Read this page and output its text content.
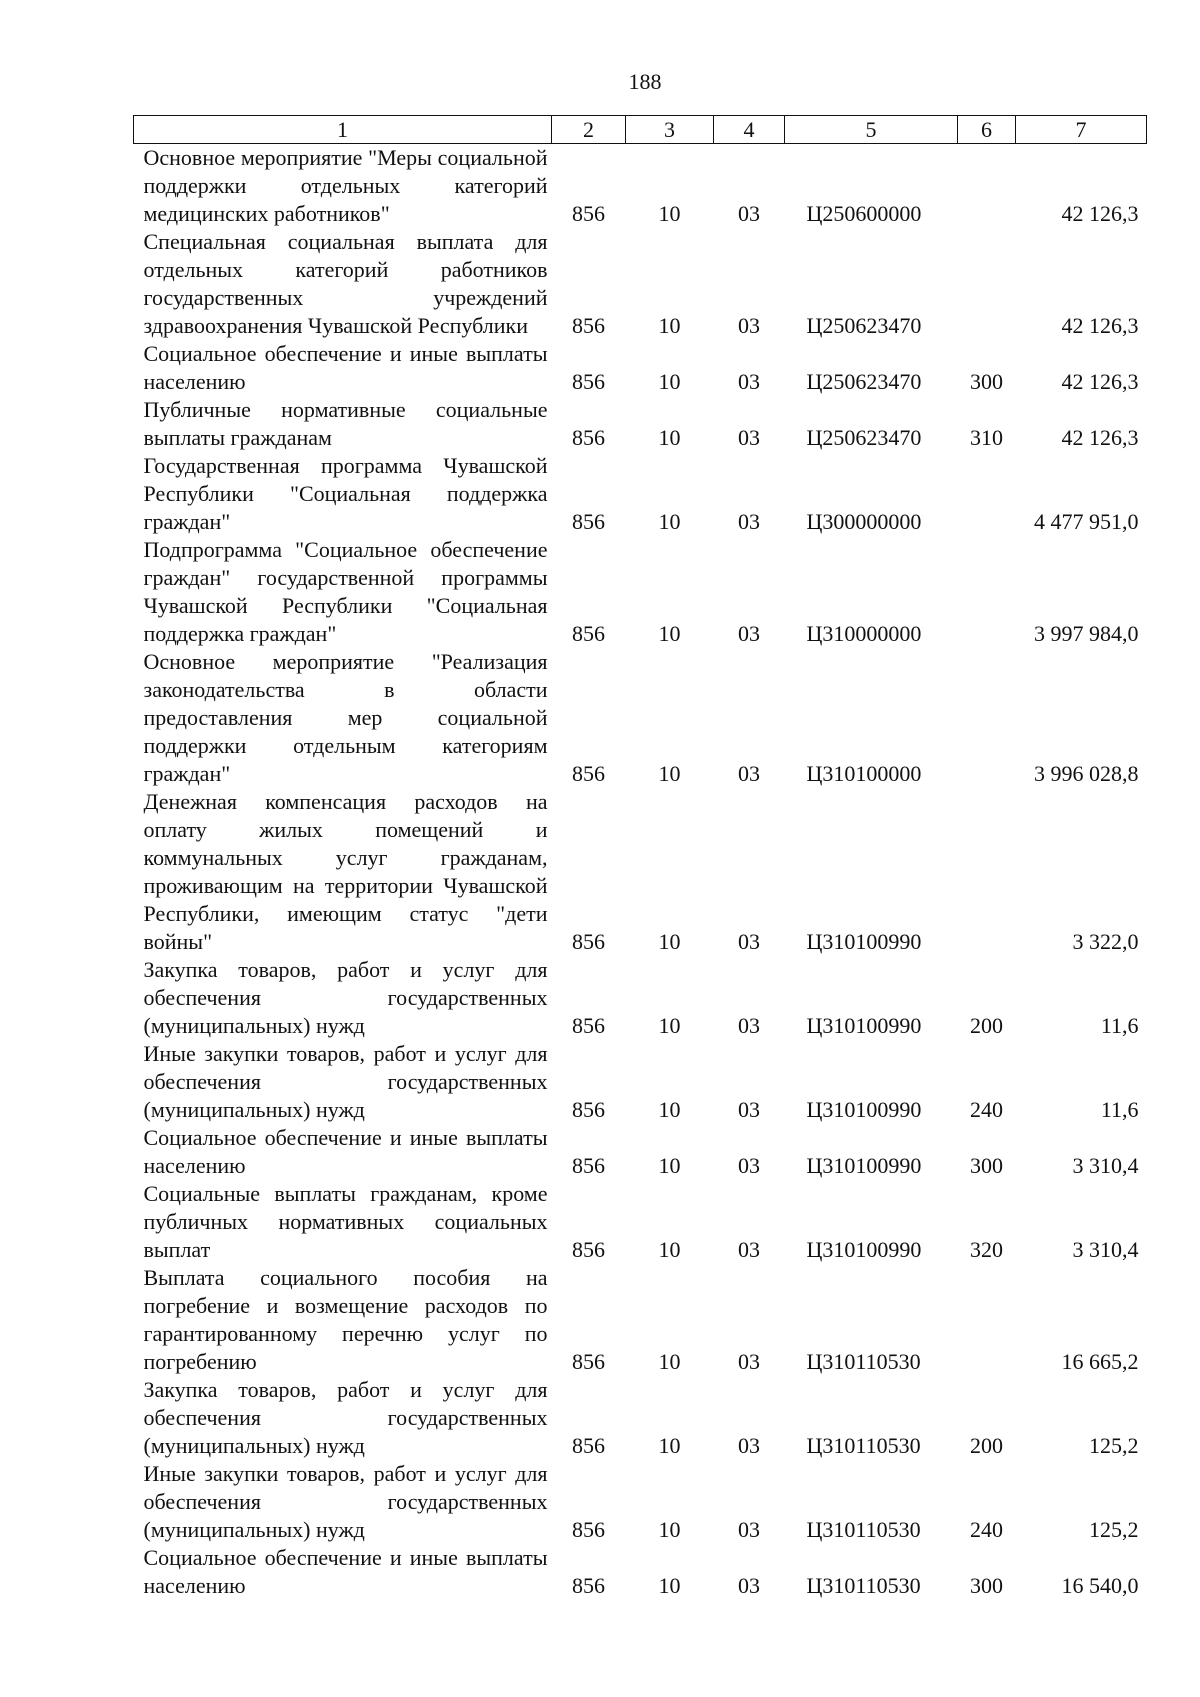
188
1	2	3	4	5	6	7
Основное мероприятие "Меры социальной поддержки отдельных категорий медицинских работников"	856	10	03	Ц250600000		42 126,3
Специальная социальная выплата для отдельных категорий работников государственных учреждений здравоохранения Чувашской Республики	856	10	03	Ц250623470		42 126,3
Социальное обеспечение и иные выплаты населению	856	10	03	Ц250623470	300	42 126,3
Публичные нормативные социальные выплаты гражданам	856	10	03	Ц250623470	310	42 126,3
Государственная программа Чувашской Республики "Социальная поддержка граждан"	856	10	03	Ц300000000		4 477 951,0
Подпрограмма "Социальное обеспечение граждан" государственной программы Чувашской Республики "Социальная поддержка граждан"	856	10	03	Ц310000000		3 997 984,0
Основное мероприятие "Реализация законодательства в области предоставления мер социальной поддержки отдельным категориям граждан"	856	10	03	Ц310100000		3 996 028,8
Денежная компенсация расходов на оплату жилых помещений и коммунальных услуг гражданам, проживающим на территории Чувашской Республики, имеющим статус "дети войны"	856	10	03	Ц310100990		3 322,0
Закупка товаров, работ и услуг для обеспечения государственных (муниципальных) нужд	856	10	03	Ц310100990	200	11,6
Иные закупки товаров, работ и услуг для обеспечения государственных (муниципальных) нужд	856	10	03	Ц310100990	240	11,6
Социальное обеспечение и иные выплаты населению	856	10	03	Ц310100990	300	3 310,4
Социальные выплаты гражданам, кроме публичных нормативных социальных выплат	856	10	03	Ц310100990	320	3 310,4
Выплата социального пособия на погребение и возмещение расходов по гарантированному перечню услуг по погребению	856	10	03	Ц310110530		16 665,2
Закупка товаров, работ и услуг для обеспечения государственных (муниципальных) нужд	856	10	03	Ц310110530	200	125,2
Иные закупки товаров, работ и услуг для обеспечения государственных (муниципальных) нужд	856	10	03	Ц310110530	240	125,2
Социальное обеспечение и иные выплаты населению	856	10	03	Ц310110530	300	16 540,0
